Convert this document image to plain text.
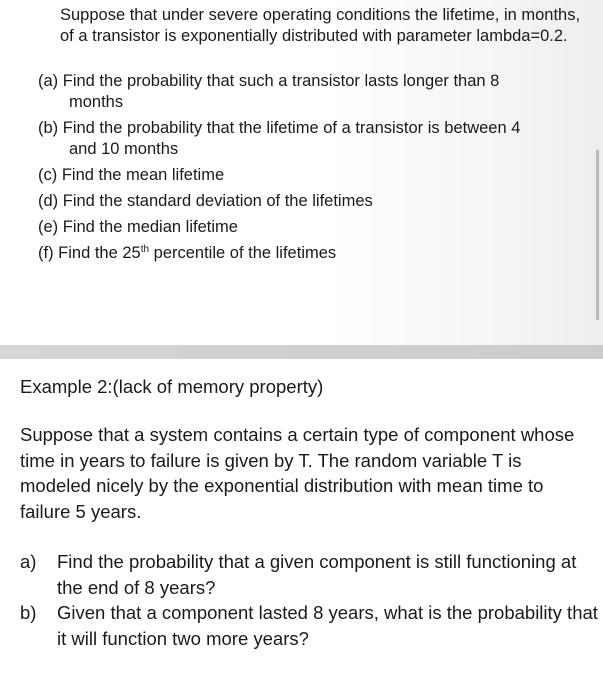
Suppose that under severe operating conditions the lifetime, in months, of a transistor is exponentially distributed with parameter lambda=0.2.
(a) Find the probability that such a transistor lasts longer than 8
months
(b) Find the probability that the lifetime of a transistor is between 4
and 10 months
(c) Find the mean lifetime
(d) Find the standard deviation of the lifetimes
(e) Find the median lifetime
(f) Find the 25th percentile of the lifetimes
Example 2:(lack of memory property)
Suppose that a system contains a certain type of component whose time in years to failure is given by T. The random variable T is modeled nicely by the exponential distribution with mean time to failure 5 years.
a) Find the probability that a given component is still functioning at the end of 8 years?
b) Given that a component lasted 8 years, what is the probability that it will function two more years?
